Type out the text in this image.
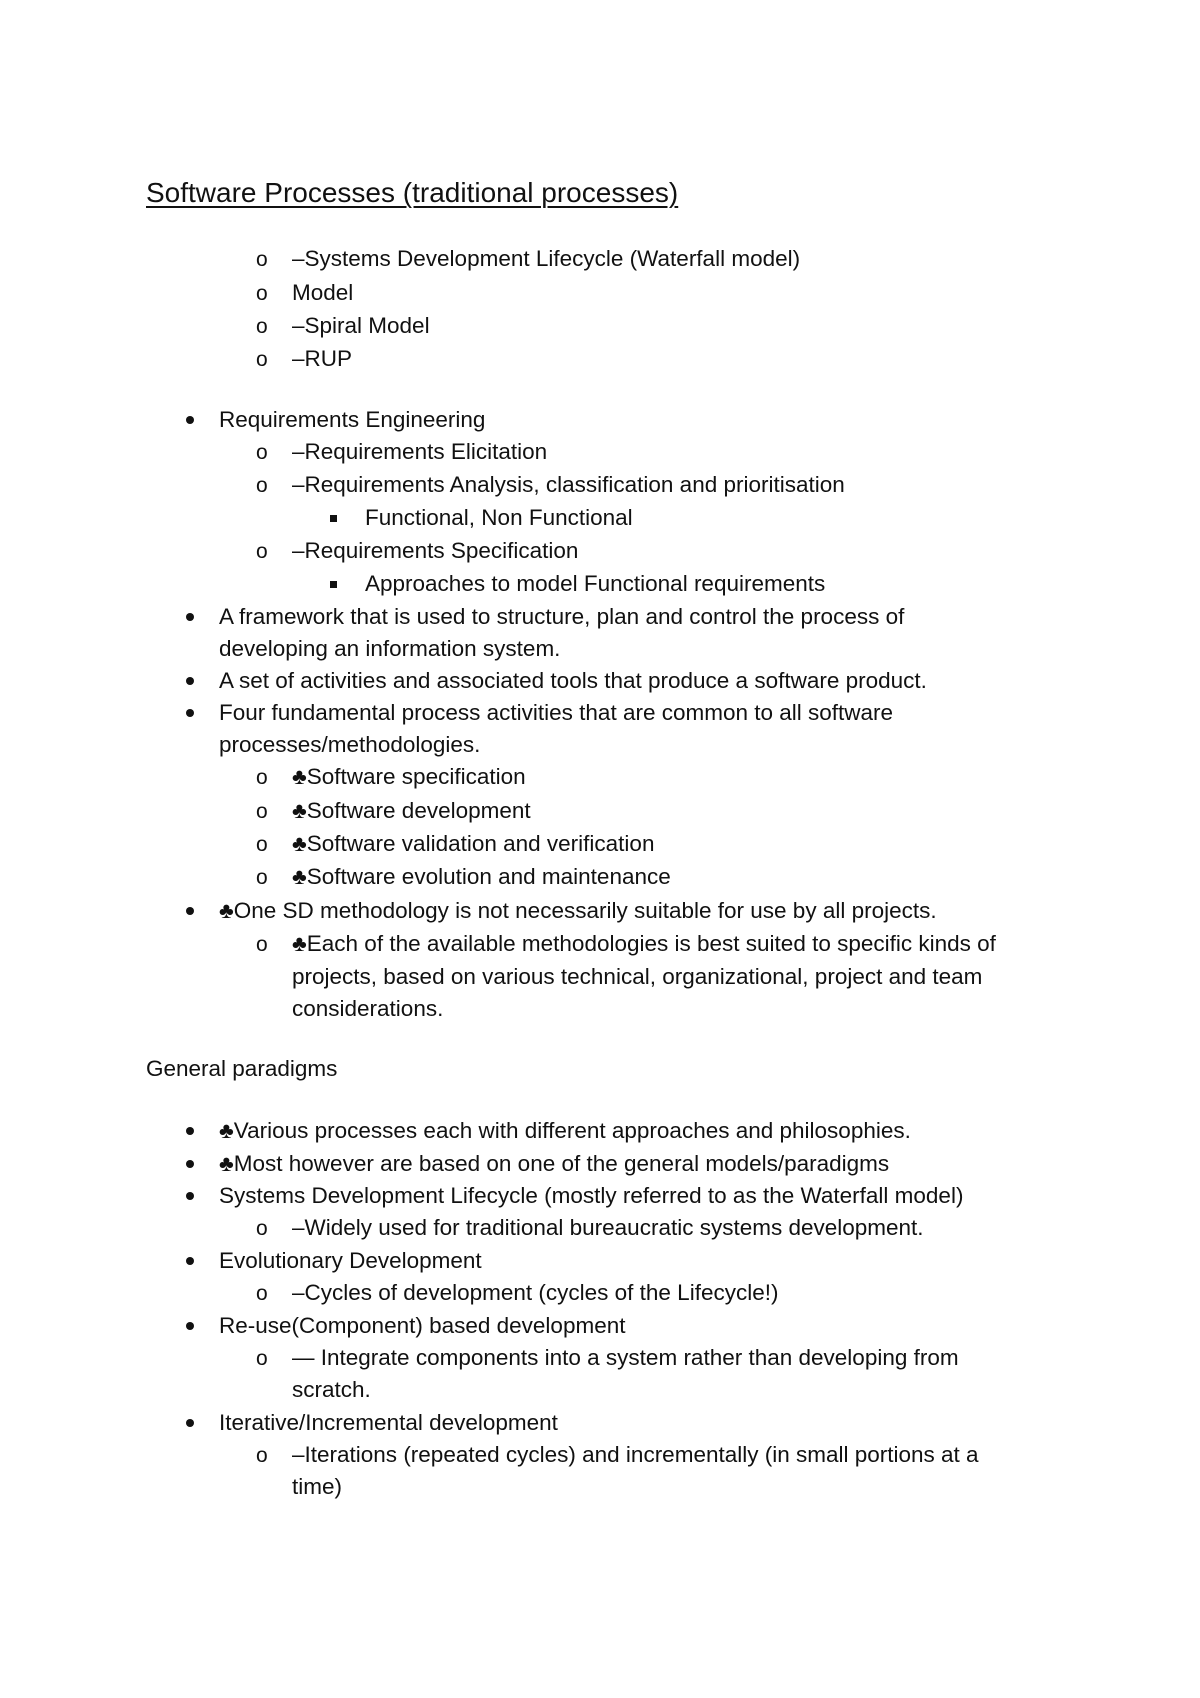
Software Processes (traditional processes)
o –Systems Development Lifecycle (Waterfall model)
o Model
o –Spiral Model
o –RUP
Requirements Engineering
o –Requirements Elicitation
o –Requirements Analysis, classification and prioritisation
Functional, Non Functional
o –Requirements Specification
Approaches to model Functional requirements
A framework that is used to structure, plan and control the process of
developing an information system.
A set of activities and associated tools that produce a software product.
Four fundamental process activities that are common to all software
processes/methodologies.
o ♣Software specification
o ♣Software development
o ♣Software validation and verification
o ♣Software evolution and maintenance
♣One SD methodology is not necessarily suitable for use by all projects.
o ♣Each of the available methodologies is best suited to specific kinds of
projects, based on various technical, organizational, project and team
considerations.
General paradigms
♣Various processes each with different approaches and philosophies.
♣Most however are based on one of the general models/paradigms
Systems Development Lifecycle (mostly referred to as the Waterfall model)
o –Widely used for traditional bureaucratic systems development.
Evolutionary Development
o –Cycles of development (cycles of the Lifecycle!)
Re-use(Component) based development
o — Integrate components into a system rather than developing from
scratch.
Iterative/Incremental development
o –Iterations (repeated cycles) and incrementally (in small portions at a
time)
